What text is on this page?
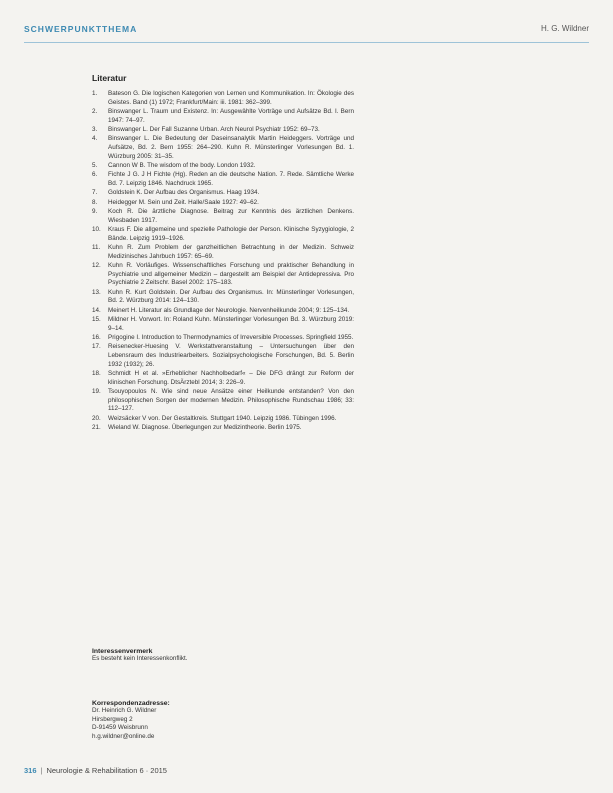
SCHWERPUNKTTHEMA	H. G. Wildner
Literatur
1.	Bateson G. Die logischen Kategorien von Lernen und Kommunikation. In: Ökologie des Geistes. Band (1) 1972; Frankfurt/Main: iii. 1981: 362–399.
2.	Binswanger L. Traum und Existenz. In: Ausgewählte Vorträge und Aufsätze Bd. I. Bern 1947: 74–97.
3.	Binswanger L. Der Fall Suzanne Urban. Arch Neurol Psychiatr 1952: 69–73.
4.	Binswanger L. Die Bedeutung der Daseinsanalytik Martin Heideggers. Vorträge und Aufsätze, Bd. 2. Bern 1955: 264–290. Kuhn R. Münsterlinger Vorlesungen Bd. 1. Würzburg 2005: 31–35.
5.	Cannon W B. The wisdom of the body. London 1932.
6.	Fichte J G. J H Fichte (Hg). Reden an die deutsche Nation. 7. Rede. Sämtliche Werke Bd. 7. Leipzig 1846. Nachdruck 1965.
7.	Goldstein K. Der Aufbau des Organismus. Haag 1934.
8.	Heidegger M. Sein und Zeit. Halle/Saale 1927: 49–62.
9.	Koch R. Die ärztliche Diagnose. Beitrag zur Kenntnis des ärztlichen Denkens. Wiesbaden 1917.
10.	Kraus F. Die allgemeine und spezielle Pathologie der Person. Klinische Syzygiologie, 2 Bände. Leipzig 1919–1926.
11.	Kuhn R. Zum Problem der ganzheitlichen Betrachtung in der Medizin. Schweiz Medizinisches Jahrbuch 1957: 65–69.
12.	Kuhn R. Vorläufiges. Wissenschaftliches Forschung und praktischer Behandlung in Psychiatrie und allgemeiner Medizin – dargestellt am Beispiel der Antidepressiva. Pro Psychiatrie 2 Zeitschr. Basel 2002: 175–183.
13.	Kuhn R. Kurt Goldstein. Der Aufbau des Organismus. In: Münsterlinger Vorlesungen, Bd. 2. Würzburg 2014: 124–130.
14.	Meinert H. Literatur als Grundlage der Neurologie. Nervenheilkunde 2004; 9: 125–134.
15.	Mildner H. Vorwort. In: Roland Kuhn. Münsterlinger Vorlesungen Bd. 3. Würzburg 2019: 9–14.
16.	Prigogine I. Introduction to Thermodynamics of Irreversible Processes. Springfield 1955.
17.	Reisenecker-Huesing V. Werkstattveranstaltung – Untersuchungen über den Lebensraum des Industriearbeiters. Sozialpsychologische Forschungen, Bd. 5. Berlin 1932 (1932); 26.
18.	Schmidt H et al. »Erheblicher Nachholbedarf« – Die DFG drängt zur Reform der klinischen Forschung. DtsÄrztebl 2014; 3: 226–9.
19.	Tsouyopoulos N. Wie sind neue Ansätze einer Heilkunde entstanden? Von den philosophischen Sorgen der modernen Medizin. Philosophische Rundschau 1986; 33: 112–127.
20.	Weizsäcker V von. Der Gestaltkreis. Stuttgart 1940. Leipzig 1986. Tübingen 1996.
21.	Wieland W. Diagnose. Überlegungen zur Medizintheorie. Berlin 1975.
Interessenvermerk
Es besteht kein Interessenkonflikt.
Korrespondenzadresse:
Dr. Heinrich G. Wildner
Hirsbergweg 2
D-91459 Weisbrunn
h.g.wildner@online.de
316 | Neurologie & Rehabilitation 6 · 2015
